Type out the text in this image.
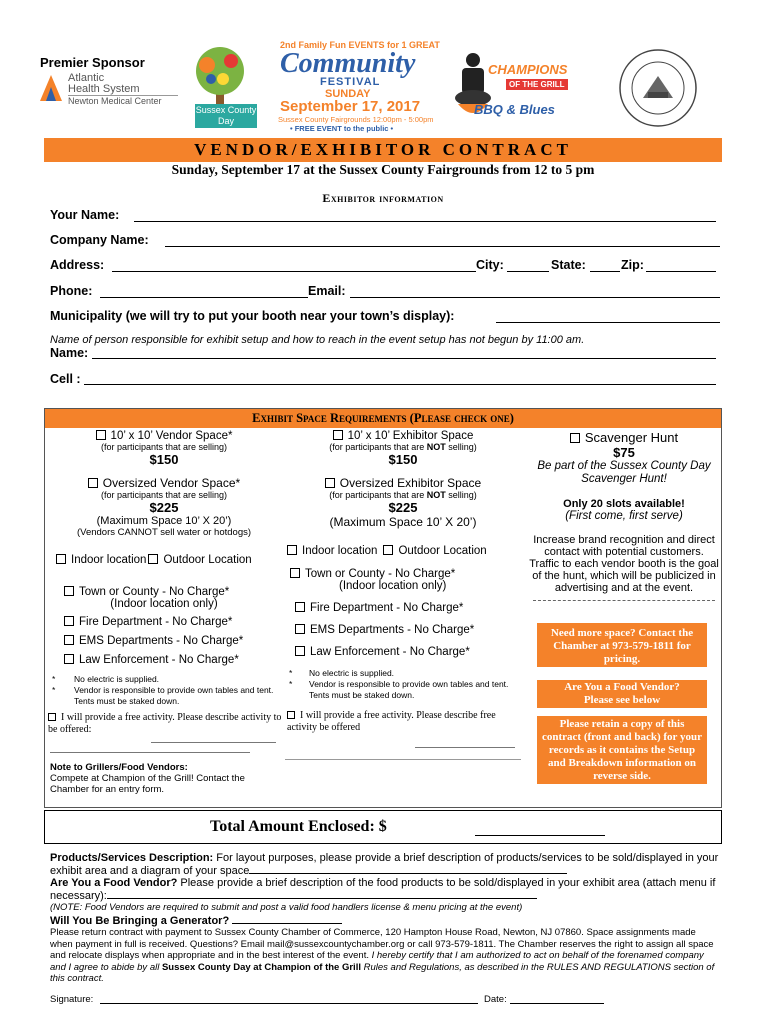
Premier Sponsor
Atlantic
Health System
Newton Medical Center
Sussex County
Day
2nd Family Fun EVENTS for 1 GREAT
Community
FESTIVAL
SUNDAY
September 17, 2017
Sussex County Fairgrounds 12:00pm - 5:00pm
• FREE EVENT to the public •
CHAMPIONS
OF THE GRILL
BBQ & Blues
VENDOR/EXHIBITOR CONTRACT
Sunday, September 17 at the Sussex County Fairgrounds from 12 to 5 pm
Exhibitor information
Your Name:
Company Name:
Address:	City:	State:	Zip:
Phone:	Email:
Municipality (we will try to put your booth near your town’s display):
Name of person responsible for exhibit setup and how to reach in the event setup has not begun by 11:00 am.
Name:
Cell :
Exhibit Space Requirements (Please check one)
10’ x 10’ Vendor Space*
(for participants that are selling)
$150
Oversized Vendor Space*
(for participants that are selling)
$225
(Maximum Space 10’ X 20’)
(Vendors CANNOT sell water or hotdogs)
Indoor location Outdoor Location
Town or County - No Charge*
(Indoor location only)
Fire Department - No Charge*
EMS Departments - No Charge*
Law Enforcement - No Charge*
*	No electric is supplied.
*	Vendor is responsible to provide own tables and tent. Tents must be staked down.
I will provide a free activity. Please describe activity to be offered:
Note to Grillers/Food Vendors:
Compete at Champion of the Grill! Contact the Chamber for an entry form.
10’ x 10’ Exhibitor Space
(for participants that are NOT selling)
$150
Oversized Exhibitor Space
(for participants that are NOT selling)
$225
(Maximum Space 10’ X 20’)
Indoor location Outdoor Location
Town or County - No Charge*
(Indoor location only)
Fire Department - No Charge*
EMS Departments - No Charge*
Law Enforcement - No Charge*
*	No electric is supplied.
*	Vendor is responsible to provide own tables and tent. Tents must be staked down.
I will provide a free activity. Please describe free activity be offered
Scavenger Hunt
$75
Be part of the Sussex County Day Scavenger Hunt!
Only 20 slots available!
(First come, first serve)
Increase brand recognition and direct contact with potential customers. Traffic to each vendor booth is the goal of the hunt, which will be publicized in advertising and at the event.
Need more space? Contact the Chamber at 973-579-1811 for pricing.
Are You a Food Vendor? Please see below
Please retain a copy of this contract (front and back) for your records as it contains the Setup and Breakdown information on reverse side.
Total Amount Enclosed: $
Products/Services Description: For layout purposes, please provide a brief description of products/services to be sold/displayed in your exhibit area and a diagram of your space
Are You a Food Vendor? Please provide a brief description of the food products to be sold/displayed in your exhibit area (attach menu if necessary):
(NOTE: Food Vendors are required to submit and post a valid food handlers license & menu pricing at the event)
Will You Be Bringing a Generator?
Please return contract with payment to Sussex County Chamber of Commerce, 120 Hampton House Road, Newton, NJ 07860. Space assignments made when payment in full is received. Questions? Email mail@sussexcountychamber.org or call 973-579-1811. The Chamber reserves the right to assign all space and relocate displays when appropriate and in the best interest of the event. I hereby certify that I am authorized to act on behalf of the forenamed company and I agree to abide by all Sussex County Day at Champion of the Grill Rules and Regulations, as described in the RULES AND REGULATIONS section of this contract.
Signature:	Date:
